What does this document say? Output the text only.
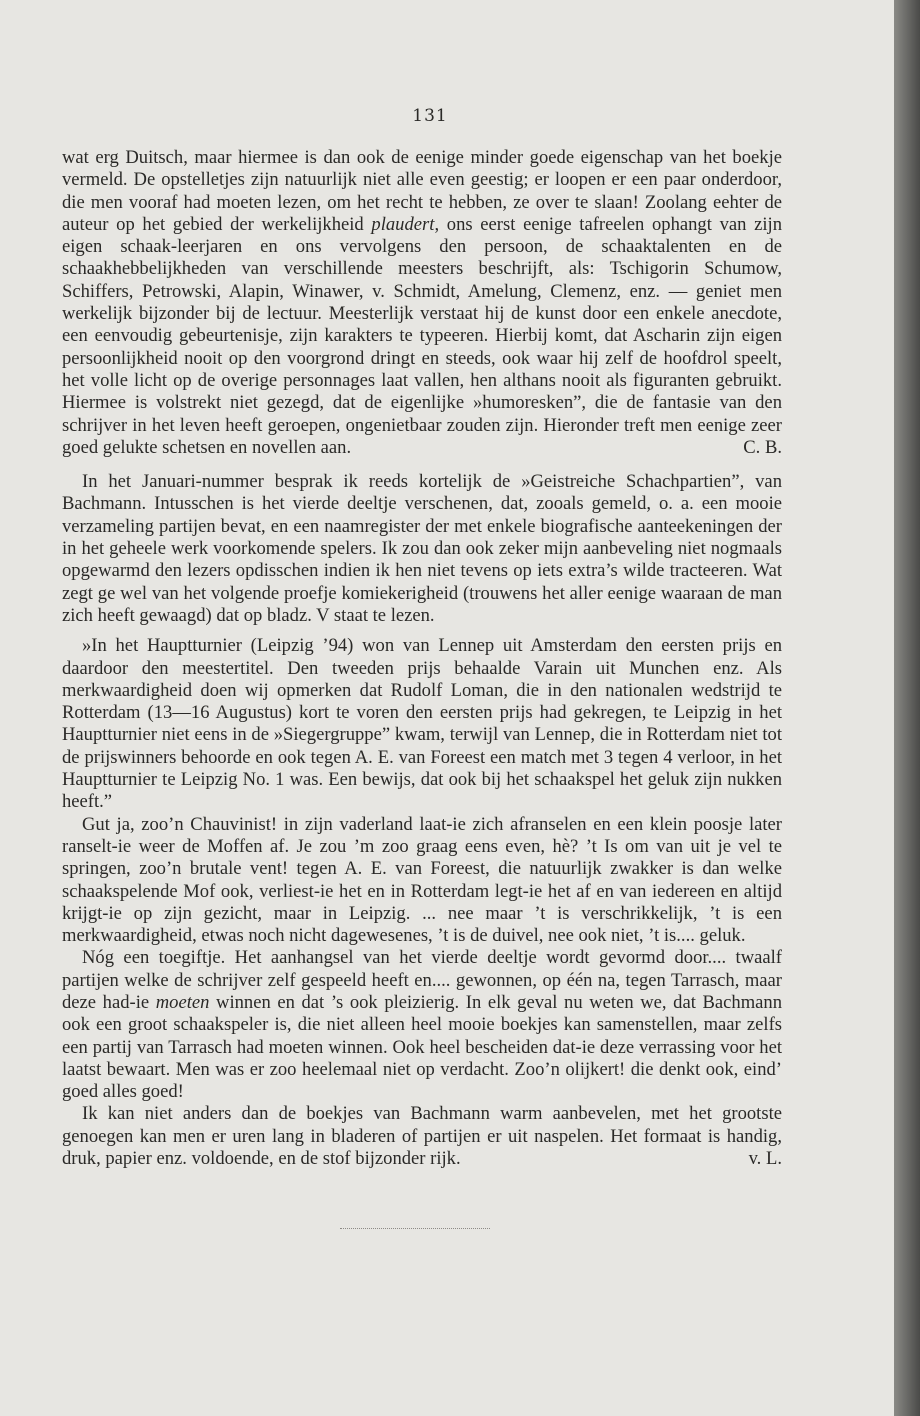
131

wat erg Duitsch, maar hiermee is dan ook de eenige minder goede eigenschap van het boekje vermeld. De opstelletjes zijn natuurlijk niet alle even geestig; er loopen er een paar onderdoor, die men vooraf had moeten lezen, om het recht te hebben, ze over te slaan! Zoolang eehter de auteur op het gebied der werkelijkheid plaudert, ons eerst eenige tafreelen ophangt van zijn eigen schaak-leerjaren en ons vervolgens den persoon, de schaaktalenten en de schaakhebbelijkheden van verschillende meesters beschrijft, als: Tschigorin Schumow, Schiffers, Petrowski, Alapin, Winawer, v. Schmidt, Amelung, Clemenz, enz. — geniet men werkelijk bijzonder bij de lectuur. Meesterlijk verstaat hij de kunst door een enkele anecdote, een eenvoudig gebeurtenisje, zijn karakters te typeeren. Hierbij komt, dat Ascharin zijn eigen persoonlijkheid nooit op den voorgrond dringt en steeds, ook waar hij zelf de hoofdrol speelt, het volle licht op de overige personnages laat vallen, hen althans nooit als figuranten gebruikt. Hiermee is volstrekt niet gezegd, dat de eigenlijke »humoresken”, die de fantasie van den schrijver in het leven heeft geroepen, ongenietbaar zouden zijn. Hieronder treft men eenige zeer goed gelukte schetsen en novellen aan.	C. B.

In het Januari-nummer besprak ik reeds kortelijk de »Geistreiche Schachpartien”, van Bachmann. Intusschen is het vierde deeltje verschenen, dat, zooals gemeld, o. a. een mooie verzameling partijen bevat, en een naamregister der met enkele biografische aanteekeningen der in het geheele werk voorkomende spelers. Ik zou dan ook zeker mijn aanbeveling niet nogmaals opgewarmd den lezers opdisschen indien ik hen niet tevens op iets extra’s wilde tracteeren. Wat zegt ge wel van het volgende proefje komiekerigheid (trouwens het aller eenige waaraan de man zich heeft gewaagd) dat op bladz. V staat te lezen.

»In het Hauptturnier (Leipzig ’94) won van Lennep uit Amsterdam den eersten prijs en daardoor den meestertitel. Den tweeden prijs behaalde Varain uit Munchen enz. Als merkwaardigheid doen wij opmerken dat Rudolf Loman, die in den nationalen wedstrijd te Rotterdam (13—16 Augustus) kort te voren den eersten prijs had gekregen, te Leipzig in het Hauptturnier niet eens in de »Siegergruppe” kwam, terwijl van Lennep, die in Rotterdam niet tot de prijswinners behoorde en ook tegen A. E. van Foreest een match met 3 tegen 4 verloor, in het Hauptturnier te Leipzig No. 1 was. Een bewijs, dat ook bij het schaakspel het geluk zijn nukken heeft.”

Gut ja, zoo’n Chauvinist! in zijn vaderland laat-ie zich afranselen en een klein poosje later ranselt-ie weer de Moffen af. Je zou ’m zoo graag eens even, hè? ’t Is om van uit je vel te springen, zoo’n brutale vent! tegen A. E. van Foreest, die natuurlijk zwakker is dan welke schaakspelende Mof ook, verliest-ie het en in Rotterdam legt-ie het af en van iedereen en altijd krijgt-ie op zijn gezicht, maar in Leipzig. ... nee maar ’t is verschrikkelijk, ’t is een merkwaardigheid, etwas noch nicht dagewesenes, ’t is de duivel, nee ook niet, ’t is.... geluk.

Nóg een toegiftje. Het aanhangsel van het vierde deeltje wordt gevormd door.... twaalf partijen welke de schrijver zelf gespeeld heeft en.... gewonnen, op één na, tegen Tarrasch, maar deze had-ie moeten winnen en dat ’s ook pleizierig. In elk geval nu weten we, dat Bachmann ook een groot schaakspeler is, die niet alleen heel mooie boekjes kan samenstellen, maar zelfs een partij van Tarrasch had moeten winnen. Ook heel bescheiden dat-ie deze verrassing voor het laatst bewaart. Men was er zoo heelemaal niet op verdacht. Zoo’n olijkert! die denkt ook, eind’ goed alles goed!

Ik kan niet anders dan de boekjes van Bachmann warm aanbevelen, met het grootste genoegen kan men er uren lang in bladeren of partijen er uit naspelen. Het formaat is handig, druk, papier enz. voldoende, en de stof bijzonder rijk.	v. L.
